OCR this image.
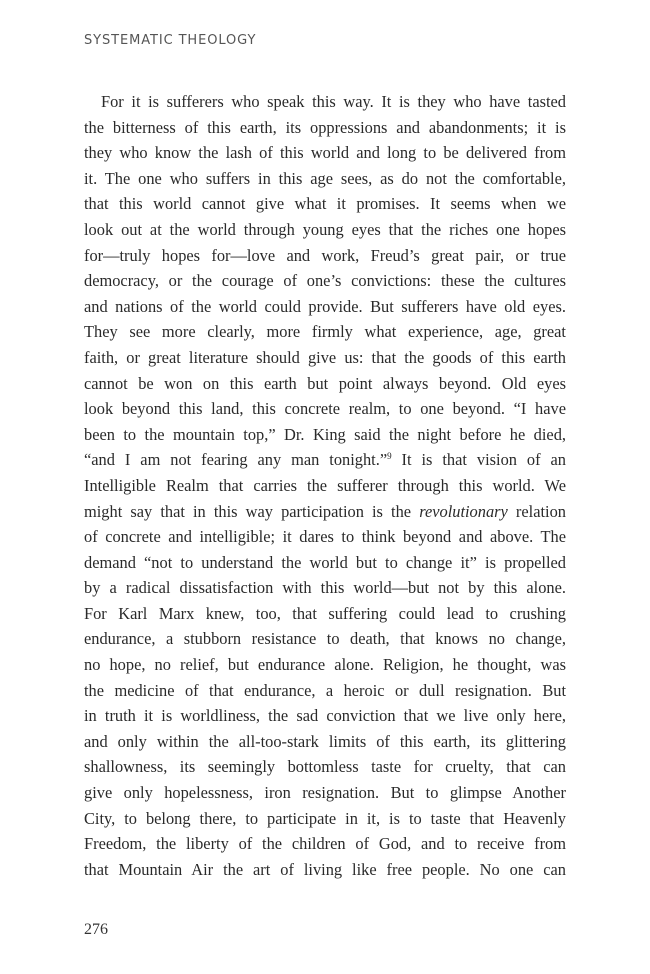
SYSTEMATIC THEOLOGY
For it is sufferers who speak this way. It is they who have tasted
the bitterness of this earth, its oppressions and abandonments; it is
they who know the lash of this world and long to be delivered from
it. The one who suffers in this age sees, as do not the comfortable,
that this world cannot give what it promises. It seems when we
look out at the world through young eyes that the riches one hopes
for—truly hopes for—love and work, Freud’s great pair, or true
democracy, or the courage of one’s convictions: these the cultures
and nations of the world could provide. But sufferers have old eyes.
They see more clearly, more firmly what experience, age, great
faith, or great literature should give us: that the goods of this earth
cannot be won on this earth but point always beyond. Old eyes
look beyond this land, this concrete realm, to one beyond. “I have
been to the mountain top,” Dr. King said the night before he died,
“and I am not fearing any man tonight.”$^9$ It is that vision of an
Intelligible Realm that carries the sufferer through this world. We
might say that in this way participation is the revolutionary relation
of concrete and intelligible; it dares to think beyond and above. The
demand “not to understand the world but to change it” is propelled
by a radical dissatisfaction with this world—but not by this alone.
For Karl Marx knew, too, that suffering could lead to crushing
endurance, a stubborn resistance to death, that knows no change,
no hope, no relief, but endurance alone. Religion, he thought, was
the medicine of that endurance, a heroic or dull resignation. But
in truth it is worldliness, the sad conviction that we live only here,
and only within the all-too-stark limits of this earth, its glittering
shallowness, its seemingly bottomless taste for cruelty, that can
give only hopelessness, iron resignation. But to glimpse Another
City, to belong there, to participate in it, is to taste that Heavenly
Freedom, the liberty of the children of God, and to receive from
that Mountain Air the art of living like free people. No one can
276
